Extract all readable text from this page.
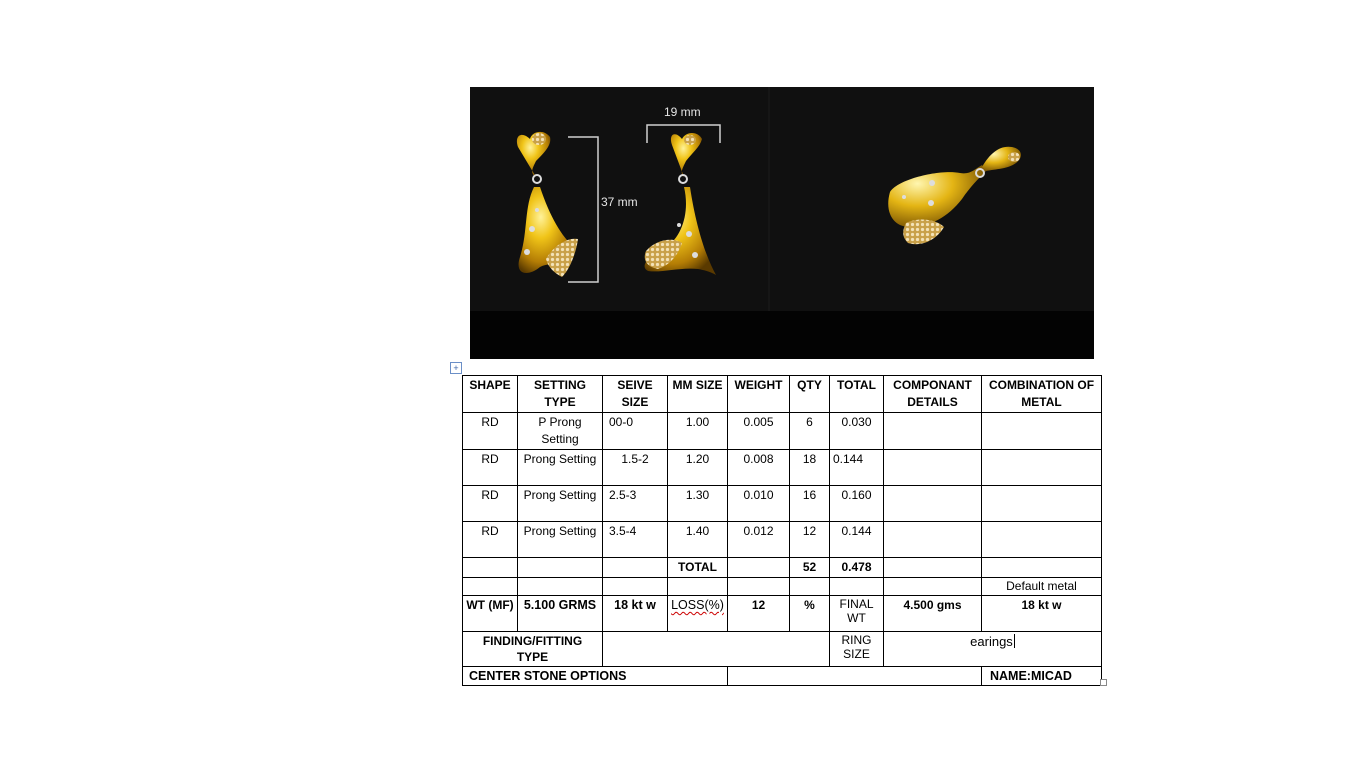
37 mm
19 mm
+
SHAPE	SETTING TYPE	SEIVE SIZE	MM SIZE	WEIGHT	QTY	TOTAL	COMPONANT DETAILS	COMBINATION OF METAL
RD	P Prong Setting	00-0	1.00	0.005	6	0.030		
RD	Prong Setting	1.5-2	1.20	0.008	18	0.144		
RD	Prong Setting	2.5-3	1.30	0.010	16	0.160		
RD	Prong Setting	3.5-4	1.40	0.012	12	0.144		
			TOTAL		52	0.478		
								Default metal
WT (MF)	5.100 GRMS	18 kt w	LOSS(%)	12	%	FINAL WT	4.500 gms	18 kt w
FINDING/FITTING TYPE						RING SIZE	earings	
CENTER STONE OPTIONS								NAME:MICAD
